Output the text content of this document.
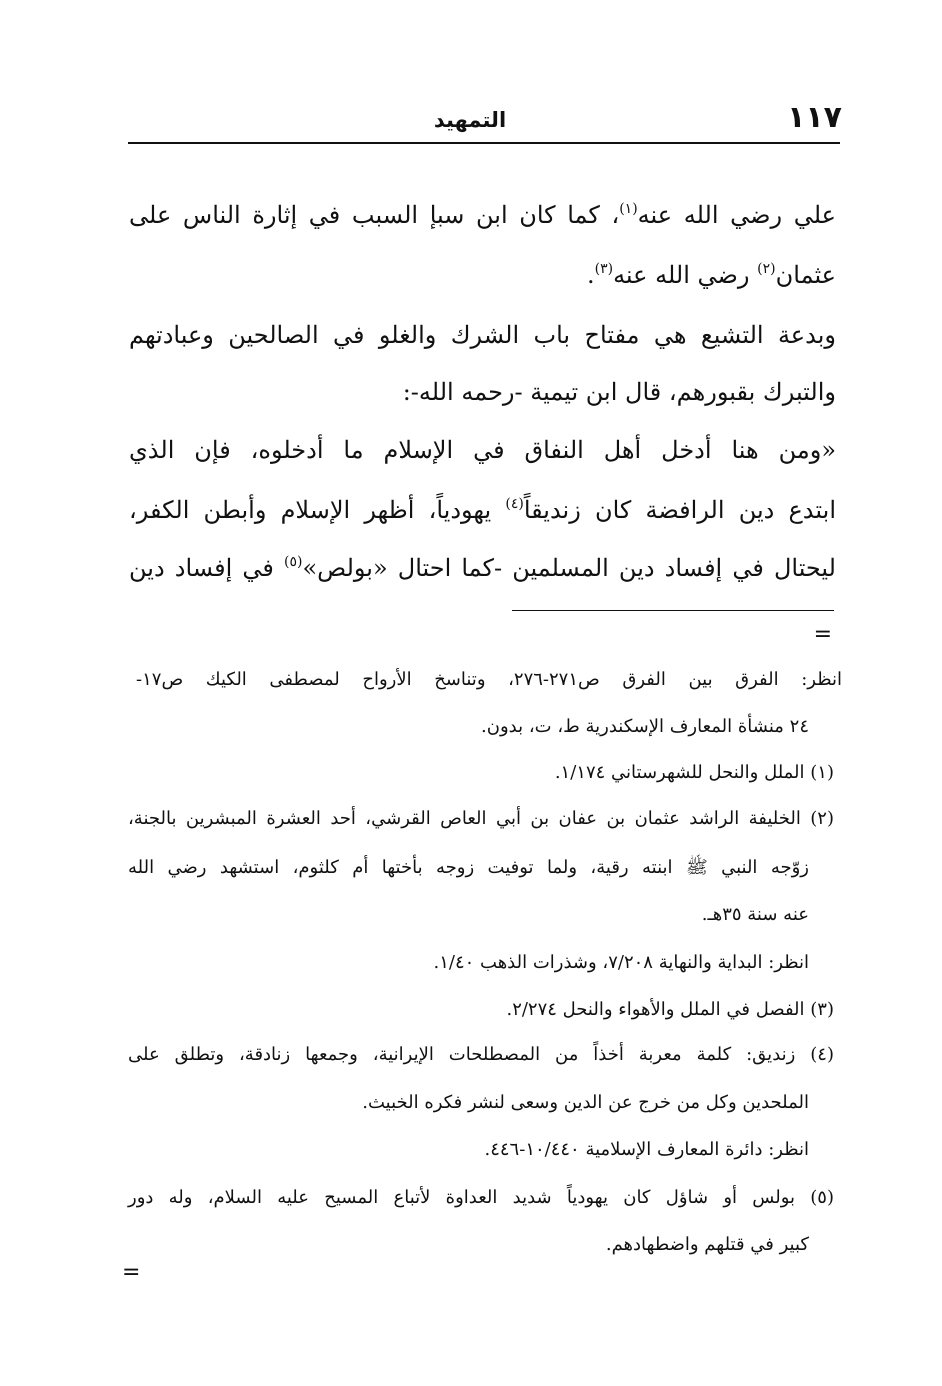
١١٧
التمهيد
علي رضي الله عنه$^{(١)}$، كما كان ابن سبإ السبب في إثارة الناس على
عثمان$^{(٢)}$ رضي الله عنه$^{(٣)}$.
وبدعة التشيع هي مفتاح باب الشرك والغلو في الصالحين وعبادتهم
والتبرك بقبورهم، قال ابن تيمية -رحمه الله-:
«ومن هنا أدخل أهل النفاق في الإسلام ما أدخلوه، فإن الذي
ابتدع دين الرافضة كان زنديقاً$^{(٤)}$ يهودياً، أظهر الإسلام وأبطن الكفر،
ليحتال في إفساد دين المسلمين -كما احتال «بولص»$^{(٥)}$ في إفساد دين
=
انظر: الفرق بين الفرق ص٢٧١-٢٧٦، وتناسخ الأرواح لمصطفى الكيك ص١٧-
٢٤ منشأة المعارف الإسكندرية ط، ت، بدون.
(١) الملل والنحل للشهرستاني ١/١٧٤.
(٢) الخليفة الراشد عثمان بن عفان بن أبي العاص القرشي، أحد العشرة المبشرين بالجنة،
زوّجه النبي ﷺ ابنته رقية، ولما توفيت زوجه بأختها أم كلثوم، استشهد رضي الله
عنه سنة ٣٥هـ.
انظر: البداية والنهاية ٧/٢٠٨، وشذرات الذهب ١/٤٠.
(٣) الفصل في الملل والأهواء والنحل ٢/٢٧٤.
(٤) زنديق: كلمة معربة أخذاً من المصطلحات الإيرانية، وجمعها زنادقة، وتطلق على
الملحدين وكل من خرج عن الدين وسعى لنشر فكره الخبيث.
انظر: دائرة المعارف الإسلامية ١٠/٤٤٠-٤٤٦.
(٥) بولس أو شاؤل كان يهودياً شديد العداوة لأتباع المسيح عليه السلام، وله دور
كبير في قتلهم واضطهادهم.
=
